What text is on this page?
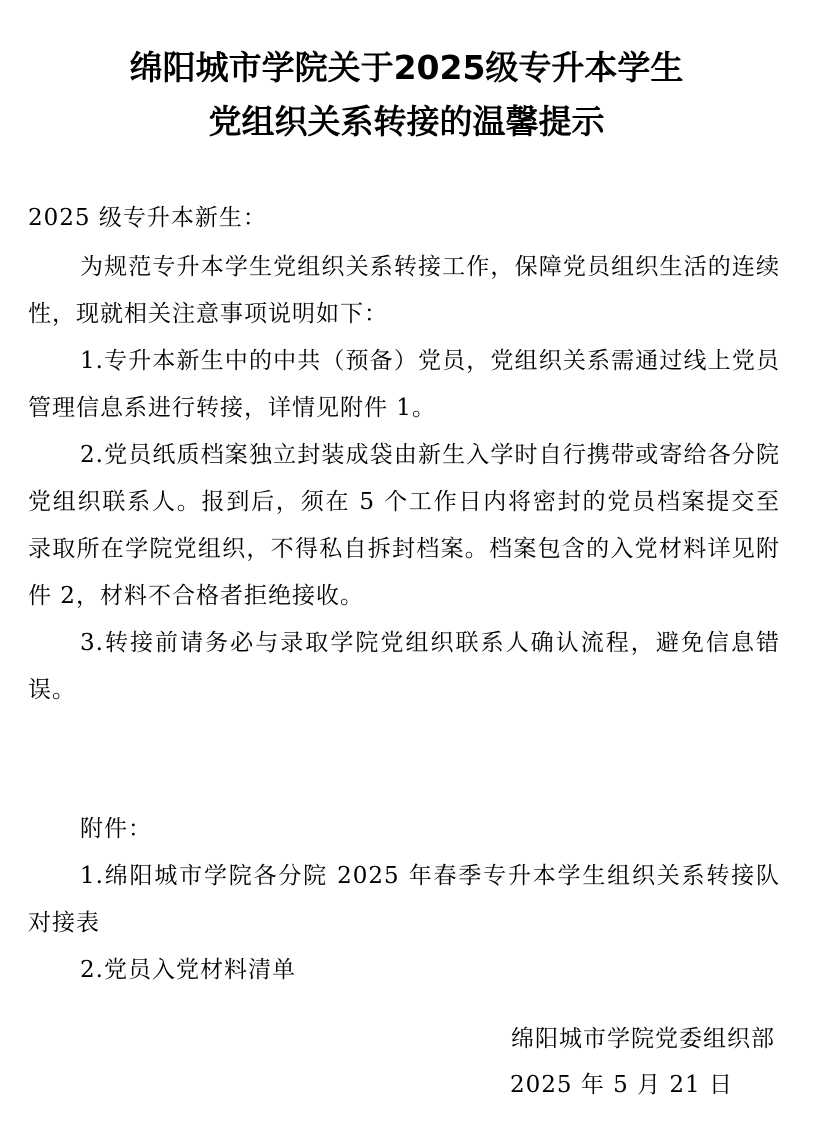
绵阳城市学院关于2025级专升本学生
党组织关系转接的温馨提示
2025 级专升本新生：
为规范专升本学生党组织关系转接工作，保障党员组织生活的连续性，现就相关注意事项说明如下：
1.专升本新生中的中共（预备）党员，党组织关系需通过线上党员管理信息系进行转接，详情见附件 1。
2.党员纸质档案独立封装成袋由新生入学时自行携带或寄给各分院党组织联系人。报到后，须在 5 个工作日内将密封的党员档案提交至录取所在学院党组织，不得私自拆封档案。档案包含的入党材料详见附件 2，材料不合格者拒绝接收。
3.转接前请务必与录取学院党组织联系人确认流程，避免信息错误。
附件：
1.绵阳城市学院各分院 2025 年春季专升本学生组织关系转接队对接表
2.党员入党材料清单
绵阳城市学院党委组织部
2025 年 5 月 21 日
